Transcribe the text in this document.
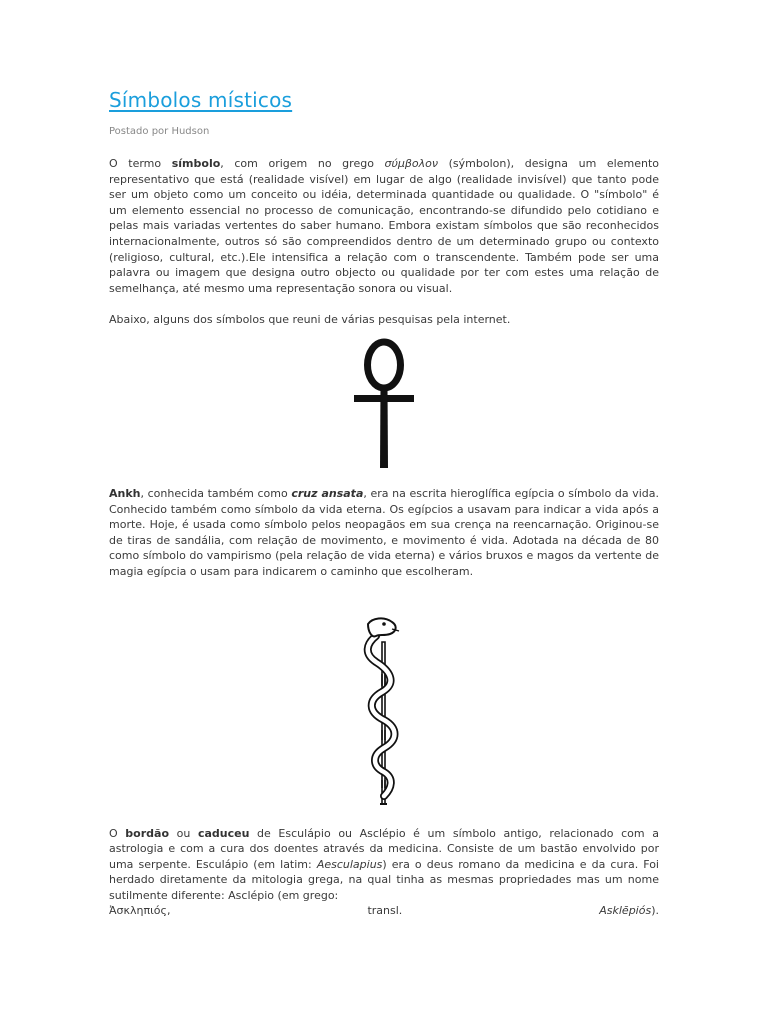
Símbolos místicos
Postado por Hudson

O termo símbolo, com origem no grego σύμβολον (sýmbolon), designa um elemento representativo que está (realidade visível) em lugar de algo (realidade invisível) que tanto pode ser um objeto como um conceito ou idéia, determinada quantidade ou qualidade. O "símbolo" é um elemento essencial no processo de comunicação, encontrando-se difundido pelo cotidiano e pelas mais variadas vertentes do saber humano. Embora existam símbolos que são reconhecidos internacionalmente, outros só são compreendidos dentro de um determinado grupo ou contexto (religioso, cultural, etc.).Ele intensifica a relação com o transcendente. Também pode ser uma palavra ou imagem que designa outro objecto ou qualidade por ter com estes uma relação de semelhança, até mesmo uma representação sonora ou visual.

Abaixo, alguns dos símbolos que reuni de várias pesquisas pela internet.

Ankh, conhecida também como cruz ansata, era na escrita hieroglífica egípcia o símbolo da vida. Conhecido também como símbolo da vida eterna. Os egípcios a usavam para indicar a vida após a morte. Hoje, é usada como símbolo pelos neopagãos em sua crença na reencarnação. Originou-se de tiras de sandália, com relação de movimento, e movimento é vida. Adotada na década de 80 como símbolo do vampirismo (pela relação de vida eterna) e vários bruxos e magos da vertente de magia egípcia o usam para indicarem o caminho que escolheram.

O bordão ou caduceu de Esculápio ou Asclépio é um símbolo antigo, relacionado com a astrologia e com a cura dos doentes através da medicina. Consiste de um bastão envolvido por uma serpente. Esculápio (em latim: Aesculapius) era o deus romano da medicina e da cura. Foi herdado diretamente da mitologia grega, na qual tinha as mesmas propriedades mas um nome sutilmente diferente: Asclépio (em grego:
Ἀσκληπιός,	transl.	Asklēpiós).
